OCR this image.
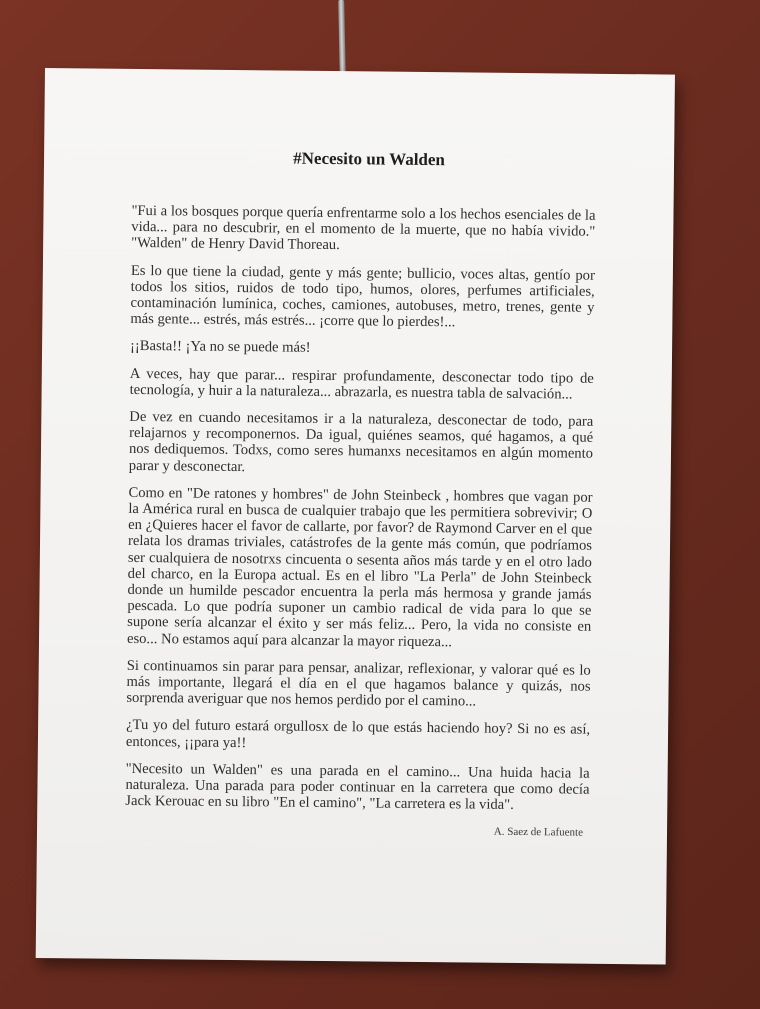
#Necesito un Walden

"Fui a los bosques porque quería enfrentarme solo a los hechos esenciales de la vida... para no descubrir, en el momento de la muerte, que no había vivido." "Walden" de Henry David Thoreau.

Es lo que tiene la ciudad, gente y más gente; bullicio, voces altas, gentío por todos los sitios, ruidos de todo tipo, humos, olores, perfumes artificiales, contaminación lumínica, coches, camiones, autobuses, metro, trenes, gente y más gente... estrés, más estrés... ¡corre que lo pierdes!...

¡¡Basta!! ¡Ya no se puede más!

A veces, hay que parar... respirar profundamente, desconectar todo tipo de tecnología, y huir a la naturaleza... abrazarla, es nuestra tabla de salvación...

De vez en cuando necesitamos ir a la naturaleza, desconectar de todo, para relajarnos y recomponernos. Da igual, quiénes seamos, qué hagamos, a qué nos dediquemos. Todxs, como seres humanxs necesitamos en algún momento parar y desconectar.

Como en "De ratones y hombres" de John Steinbeck , hombres que vagan por la América rural en busca de cualquier trabajo que les permitiera sobrevivir; O en ¿Quieres hacer el favor de callarte, por favor? de Raymond Carver en el que relata los dramas triviales, catástrofes de la gente más común, que podríamos ser cualquiera de nosotrxs cincuenta o sesenta años más tarde y en el otro lado del charco, en la Europa actual. Es en el libro "La Perla" de John Steinbeck donde un humilde pescador encuentra la perla más hermosa y grande jamás pescada. Lo que podría suponer un cambio radical de vida para lo que se supone sería alcanzar el éxito y ser más feliz... Pero, la vida no consiste en eso... No estamos aquí para alcanzar la mayor riqueza...

Si continuamos sin parar para pensar, analizar, reflexionar, y valorar qué es lo más importante, llegará el día en el que hagamos balance y quizás, nos sorprenda averiguar que nos hemos perdido por el camino...

¿Tu yo del futuro estará orgullosx de lo que estás haciendo hoy? Si no es así, entonces, ¡¡para ya!!

"Necesito un Walden" es una parada en el camino... Una huida hacia la naturaleza. Una parada para poder continuar en la carretera que como decía Jack Kerouac en su libro "En el camino", "La carretera es la vida".

A. Saez de Lafuente
